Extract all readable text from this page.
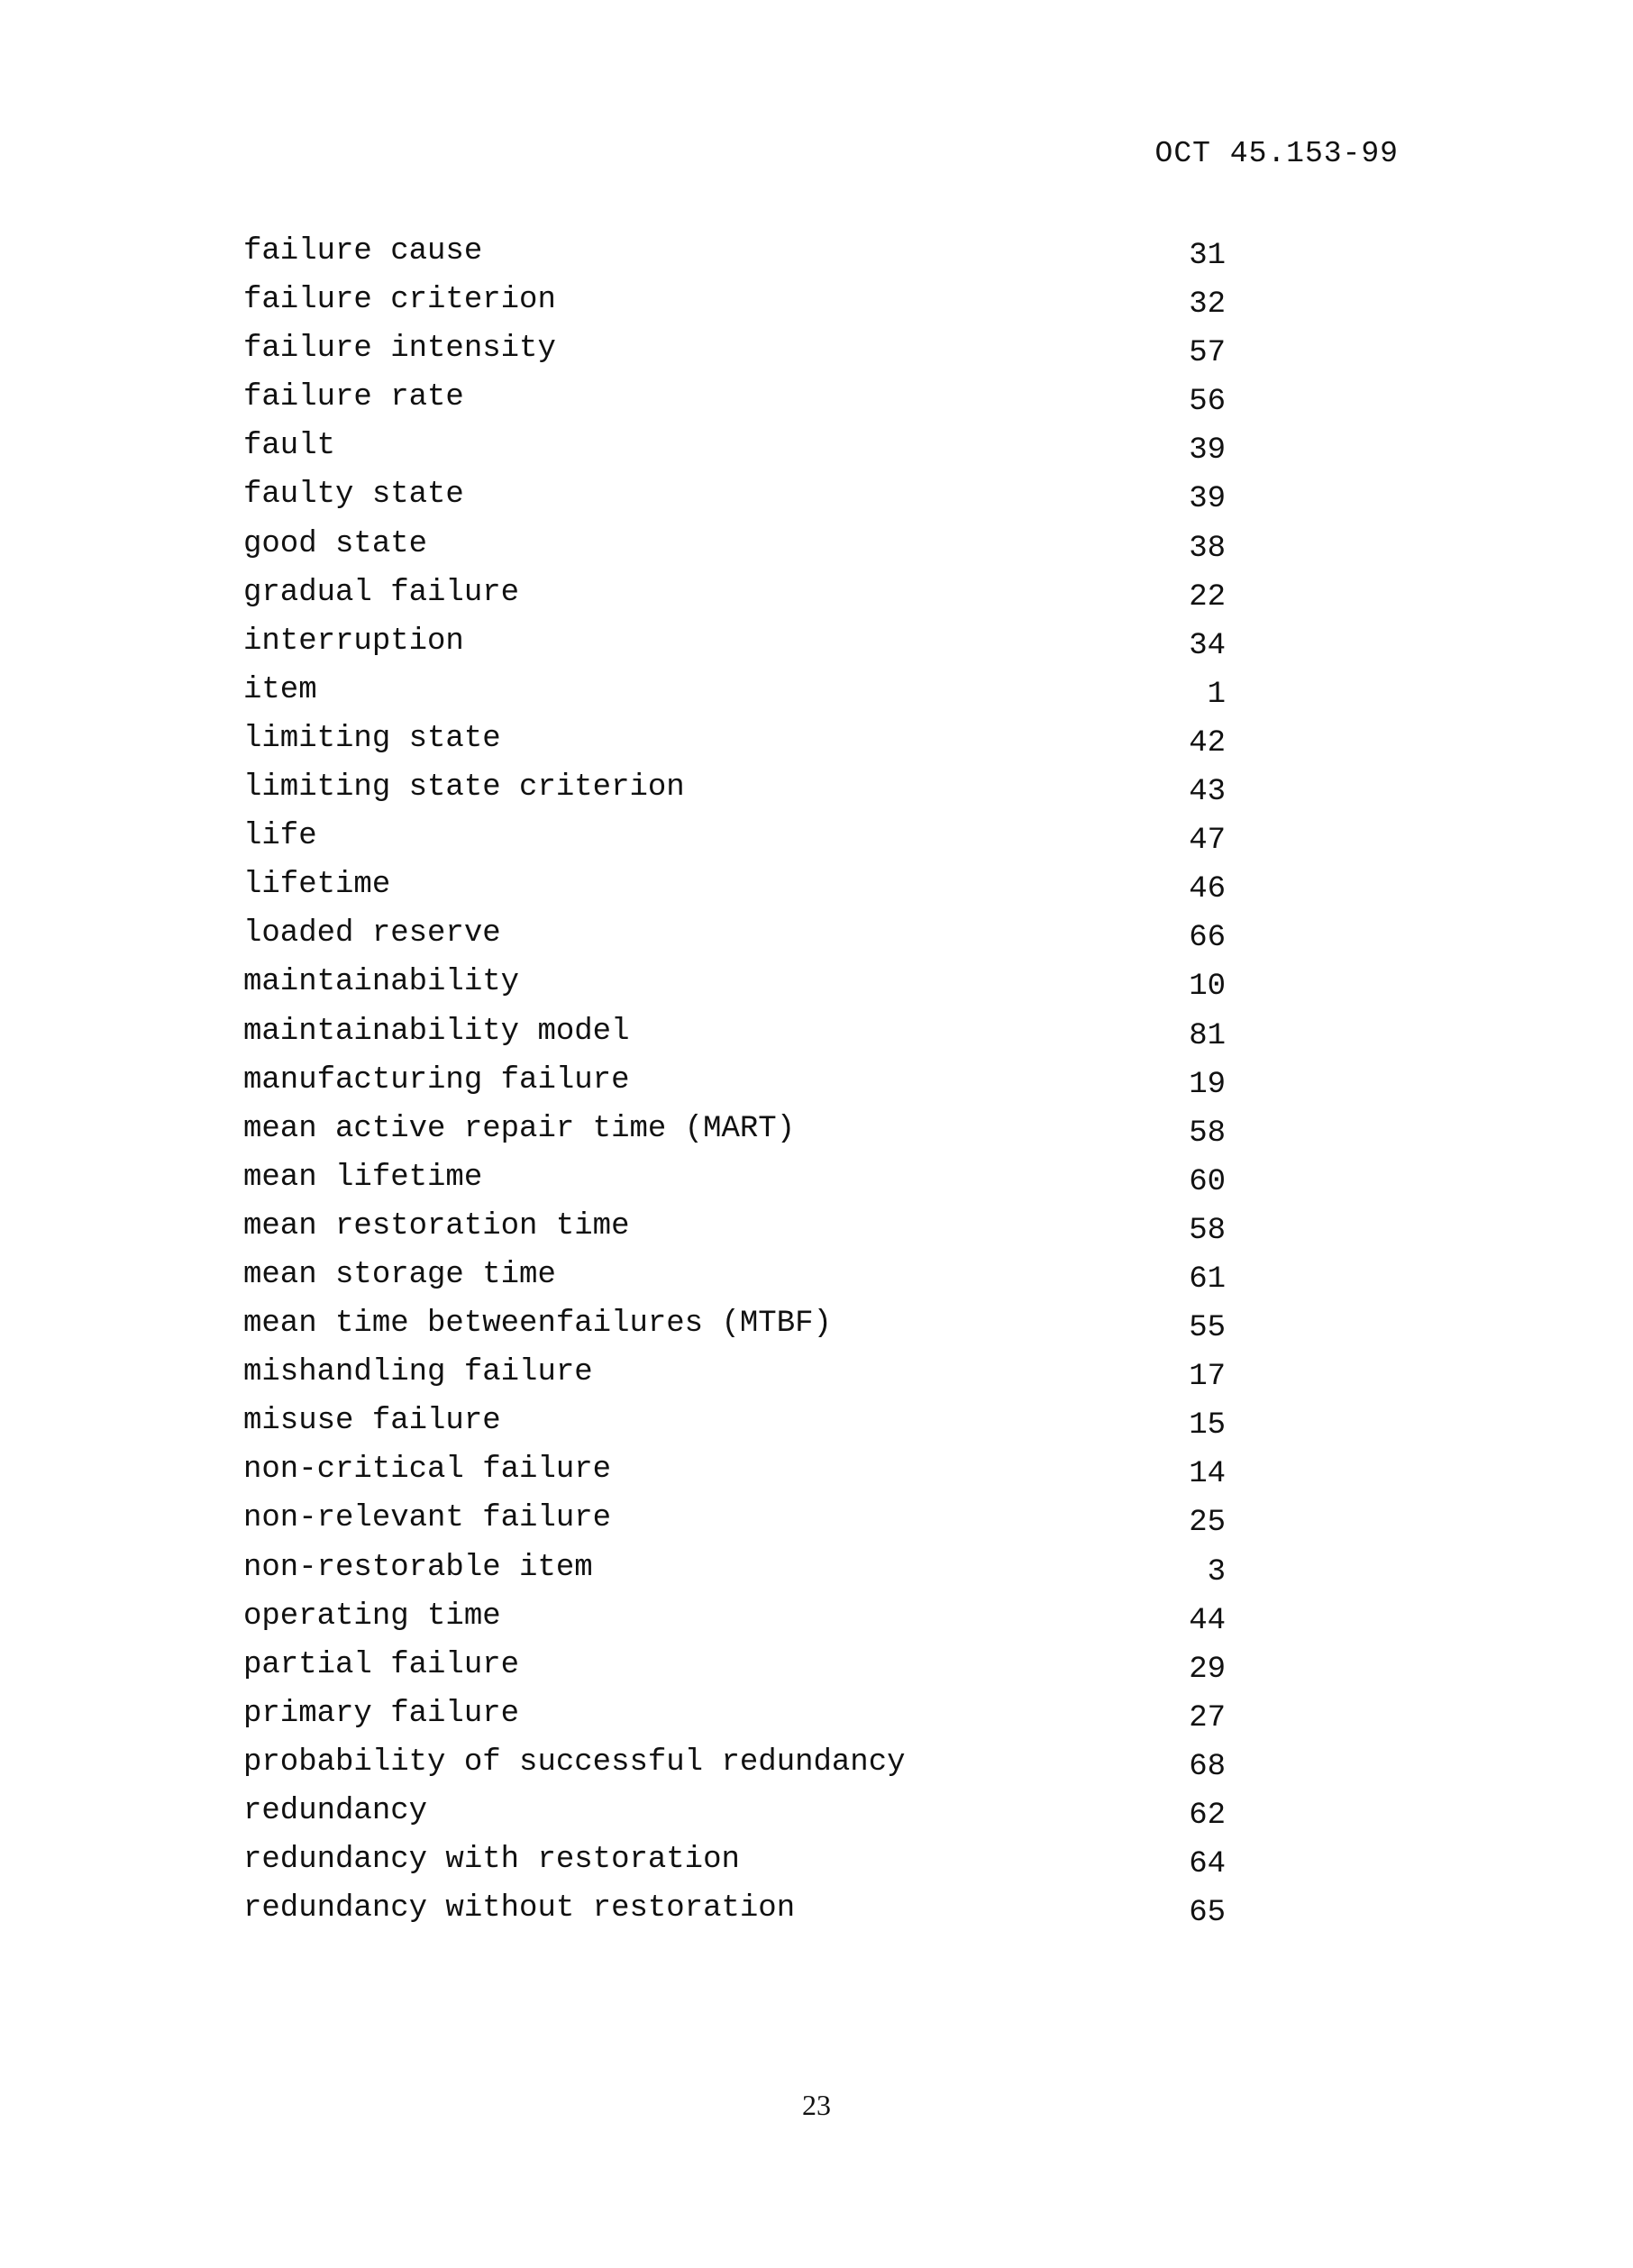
OCT 45.153-99
failure cause	31
failure criterion	32
failure intensity	57
failure rate	56
fault	39
faulty state	39
good state	38
gradual failure	22
interruption	34
item	1
limiting state	42
limiting state criterion	43
life	47
lifetime	46
loaded reserve	66
maintainability	10
maintainability model	81
manufacturing failure	19
mean active repair time (MART)	58
mean lifetime	60
mean restoration time	58
mean storage time	61
mean time betweenfailures (MTBF)	55
mishandling failure	17
misuse failure	15
non-critical failure	14
non-relevant failure	25
non-restorable item	3
operating time	44
partial failure	29
primary failure	27
probability of successful redundancy	68
redundancy	62
redundancy with restoration	64
redundancy without restoration	65
23
